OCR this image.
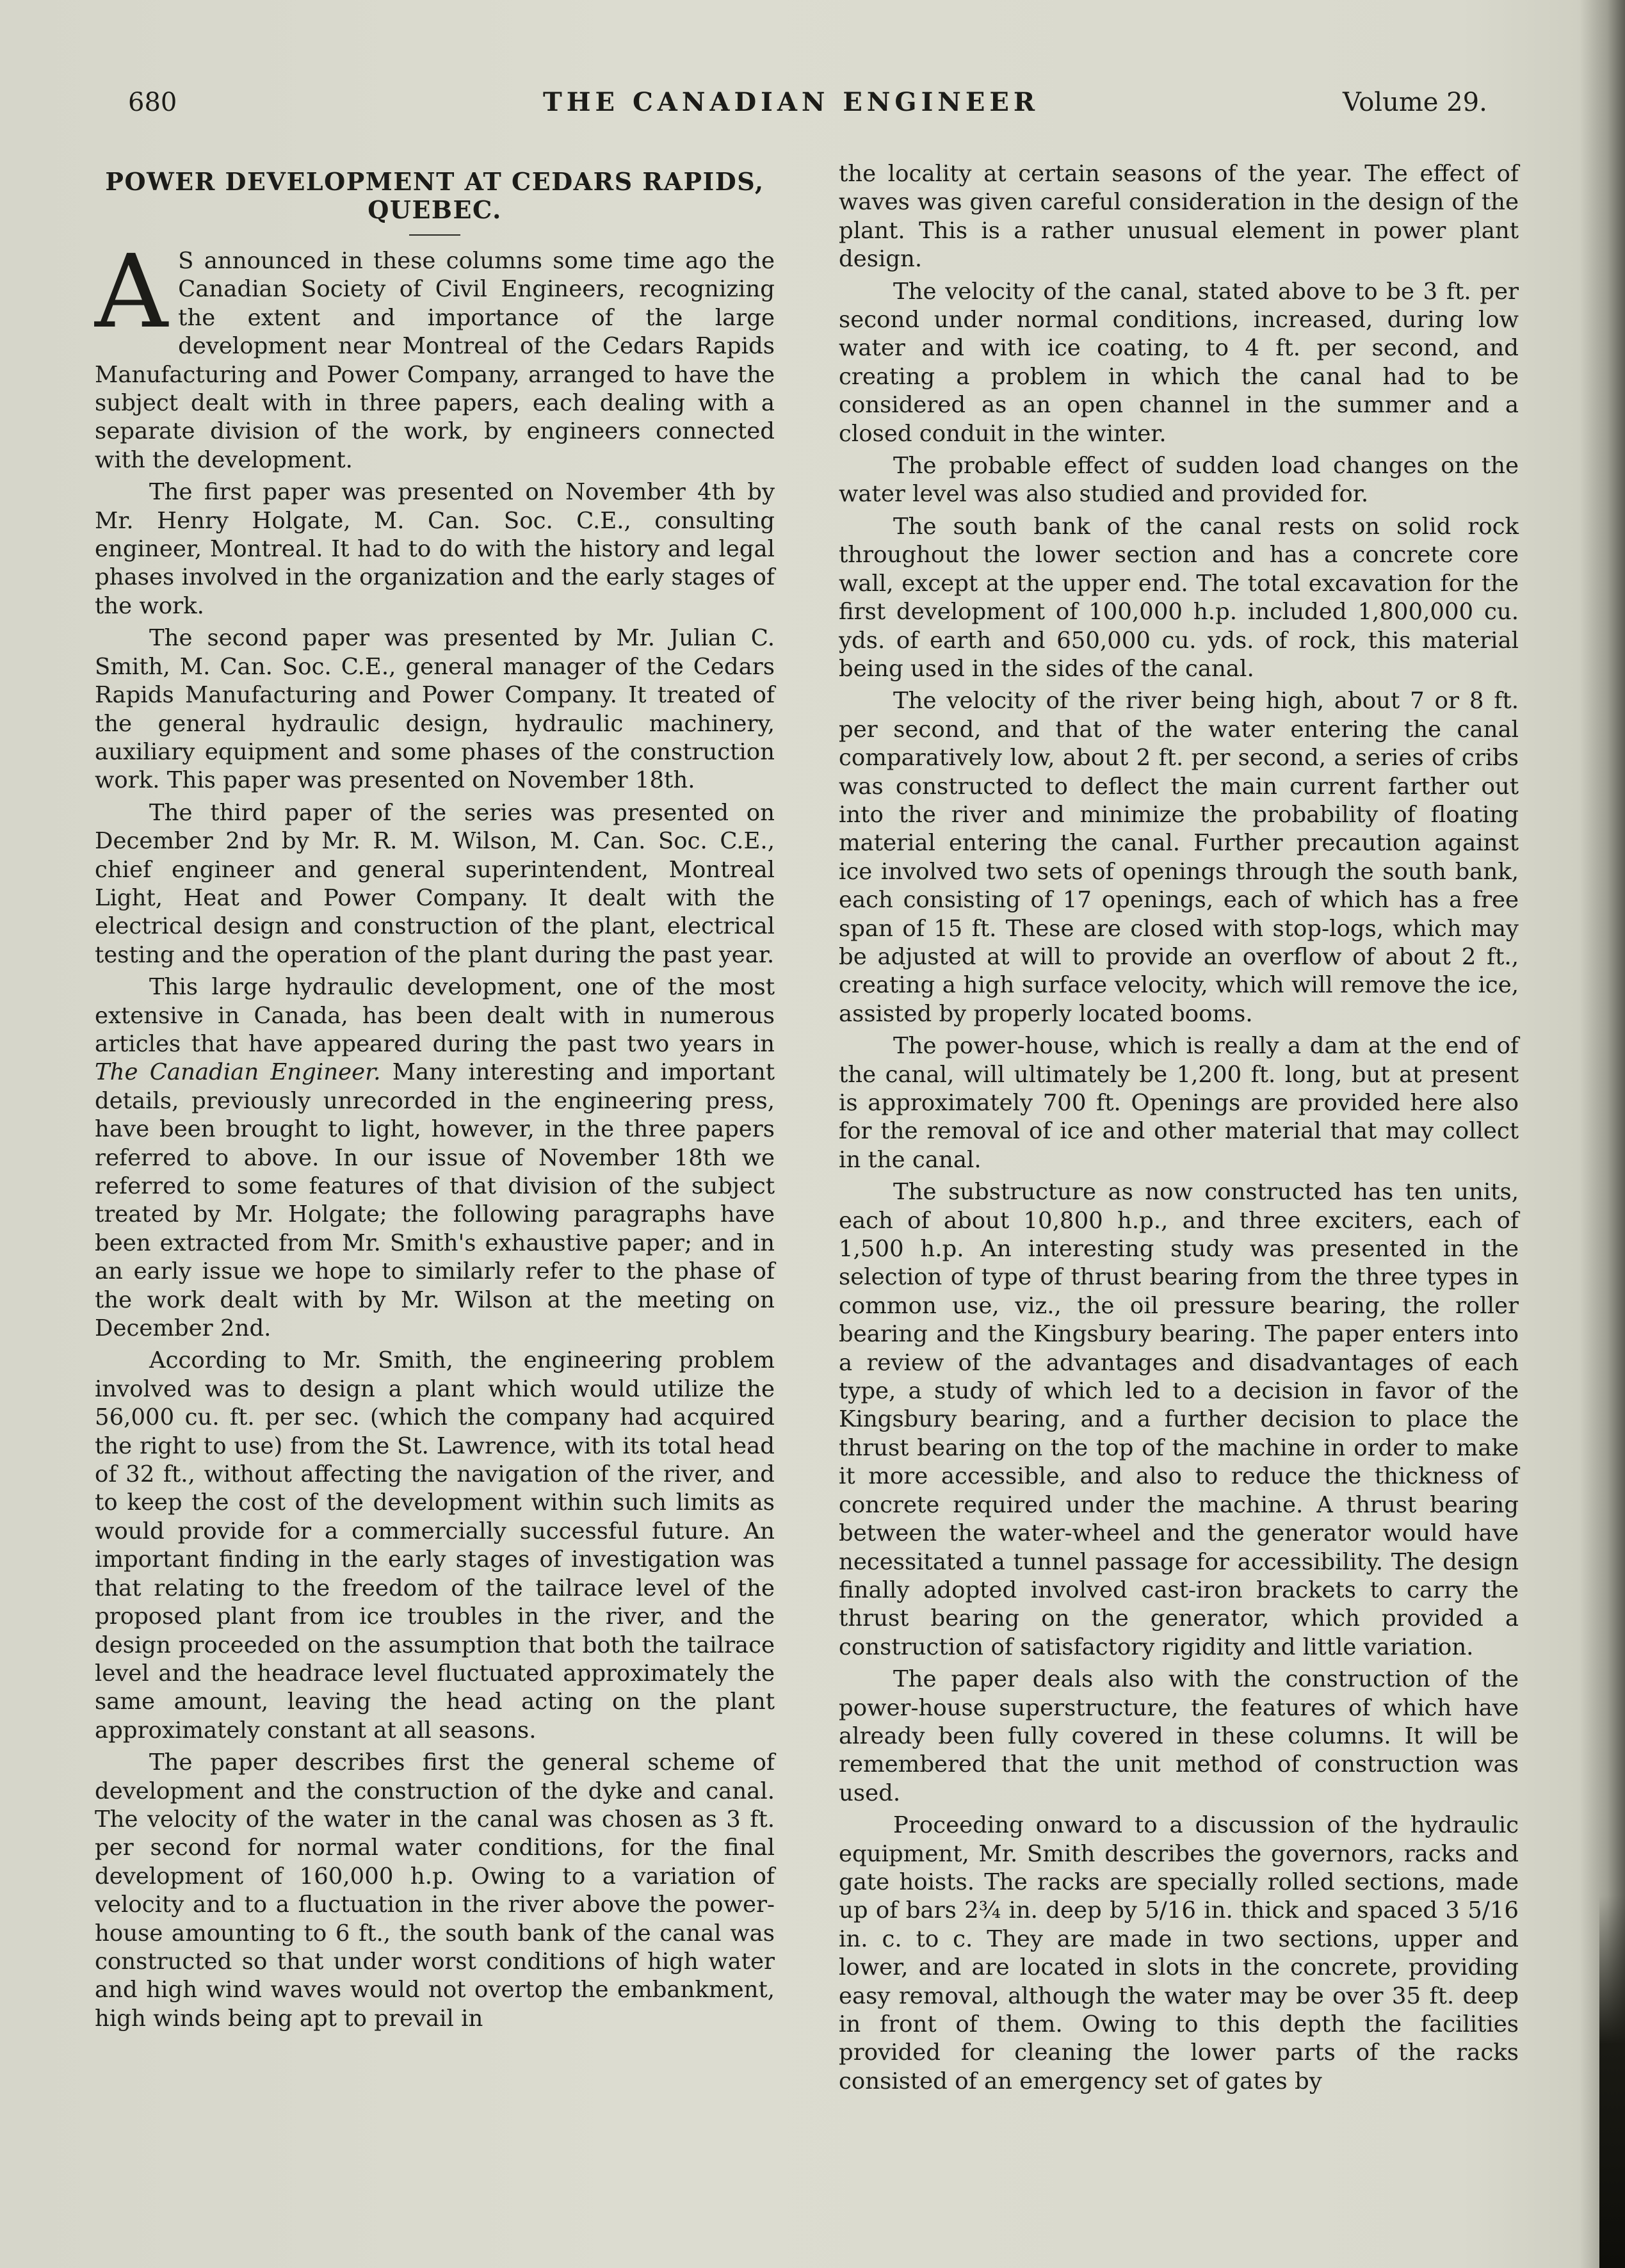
680	THE CANADIAN ENGINEER	Volume 29.
POWER DEVELOPMENT AT CEDARS RAPIDS, QUEBEC.

A S announced in these columns some time ago the Canadian Society of Civil Engineers, recognizing the extent and importance of the large development near Montreal of the Cedars Rapids Manufacturing and Power Company, arranged to have the subject dealt with in three papers, each dealing with a separate division of the work, by engineers connected with the development.

The first paper was presented on November 4th by Mr. Henry Holgate, M. Can. Soc. C.E., consulting engineer, Montreal. It had to do with the history and legal phases involved in the organization and the early stages of the work.

The second paper was presented by Mr. Julian C. Smith, M. Can. Soc. C.E., general manager of the Cedars Rapids Manufacturing and Power Company. It treated of the general hydraulic design, hydraulic machinery, auxiliary equipment and some phases of the construction work. This paper was presented on November 18th.

The third paper of the series was presented on December 2nd by Mr. R. M. Wilson, M. Can. Soc. C.E., chief engineer and general superintendent, Montreal Light, Heat and Power Company. It dealt with the electrical design and construction of the plant, electrical testing and the operation of the plant during the past year.

This large hydraulic development, one of the most extensive in Canada, has been dealt with in numerous articles that have appeared during the past two years in The Canadian Engineer. Many interesting and important details, previously unrecorded in the engineering press, have been brought to light, however, in the three papers referred to above. In our issue of November 18th we referred to some features of that division of the subject treated by Mr. Holgate; the following paragraphs have been extracted from Mr. Smith's exhaustive paper; and in an early issue we hope to similarly refer to the phase of the work dealt with by Mr. Wilson at the meeting on December 2nd.

According to Mr. Smith, the engineering problem involved was to design a plant which would utilize the 56,000 cu. ft. per sec. (which the company had acquired the right to use) from the St. Lawrence, with its total head of 32 ft., without affecting the navigation of the river, and to keep the cost of the development within such limits as would provide for a commercially successful future. An important finding in the early stages of investigation was that relating to the freedom of the tailrace level of the proposed plant from ice troubles in the river, and the design proceeded on the assumption that both the tailrace level and the headrace level fluctuated approximately the same amount, leaving the head acting on the plant approximately constant at all seasons.

The paper describes first the general scheme of development and the construction of the dyke and canal. The velocity of the water in the canal was chosen as 3 ft. per second for normal water conditions, for the final development of 160,000 h.p. Owing to a variation of velocity and to a fluctuation in the river above the power-house amounting to 6 ft., the south bank of the canal was constructed so that under worst conditions of high water and high wind waves would not overtop the embankment, high winds being apt to prevail in

the locality at certain seasons of the year. The effect of waves was given careful consideration in the design of the plant. This is a rather unusual element in power plant design.

The velocity of the canal, stated above to be 3 ft. per second under normal conditions, increased, during low water and with ice coating, to 4 ft. per second, and creating a problem in which the canal had to be considered as an open channel in the summer and a closed conduit in the winter.

The probable effect of sudden load changes on the water level was also studied and provided for.

The south bank of the canal rests on solid rock throughout the lower section and has a concrete core wall, except at the upper end. The total excavation for the first development of 100,000 h.p. included 1,800,000 cu. yds. of earth and 650,000 cu. yds. of rock, this material being used in the sides of the canal.

The velocity of the river being high, about 7 or 8 ft. per second, and that of the water entering the canal comparatively low, about 2 ft. per second, a series of cribs was constructed to deflect the main current farther out into the river and minimize the probability of floating material entering the canal. Further precaution against ice involved two sets of openings through the south bank, each consisting of 17 openings, each of which has a free span of 15 ft. These are closed with stop-logs, which may be adjusted at will to provide an overflow of about 2 ft., creating a high surface velocity, which will remove the ice, assisted by properly located booms.

The power-house, which is really a dam at the end of the canal, will ultimately be 1,200 ft. long, but at present is approximately 700 ft. Openings are provided here also for the removal of ice and other material that may collect in the canal.

The substructure as now constructed has ten units, each of about 10,800 h.p., and three exciters, each of 1,500 h.p. An interesting study was presented in the selection of type of thrust bearing from the three types in common use, viz., the oil pressure bearing, the roller bearing and the Kingsbury bearing. The paper enters into a review of the advantages and disadvantages of each type, a study of which led to a decision in favor of the Kingsbury bearing, and a further decision to place the thrust bearing on the top of the machine in order to make it more accessible, and also to reduce the thickness of concrete required under the machine. A thrust bearing between the water-wheel and the generator would have necessitated a tunnel passage for accessibility. The design finally adopted involved cast-iron brackets to carry the thrust bearing on the generator, which provided a construction of satisfactory rigidity and little variation.

The paper deals also with the construction of the power-house superstructure, the features of which have already been fully covered in these columns. It will be remembered that the unit method of construction was used.

Proceeding onward to a discussion of the hydraulic equipment, Mr. Smith describes the governors, racks and gate hoists. The racks are specially rolled sections, made up of bars 2¾ in. deep by 5/16 in. thick and spaced 3 5/16 in. c. to c. They are made in two sections, upper and lower, and are located in slots in the concrete, providing easy removal, although the water may be over 35 ft. deep in front of them. Owing to this depth the facilities provided for cleaning the lower parts of the racks consisted of an emergency set of gates by
